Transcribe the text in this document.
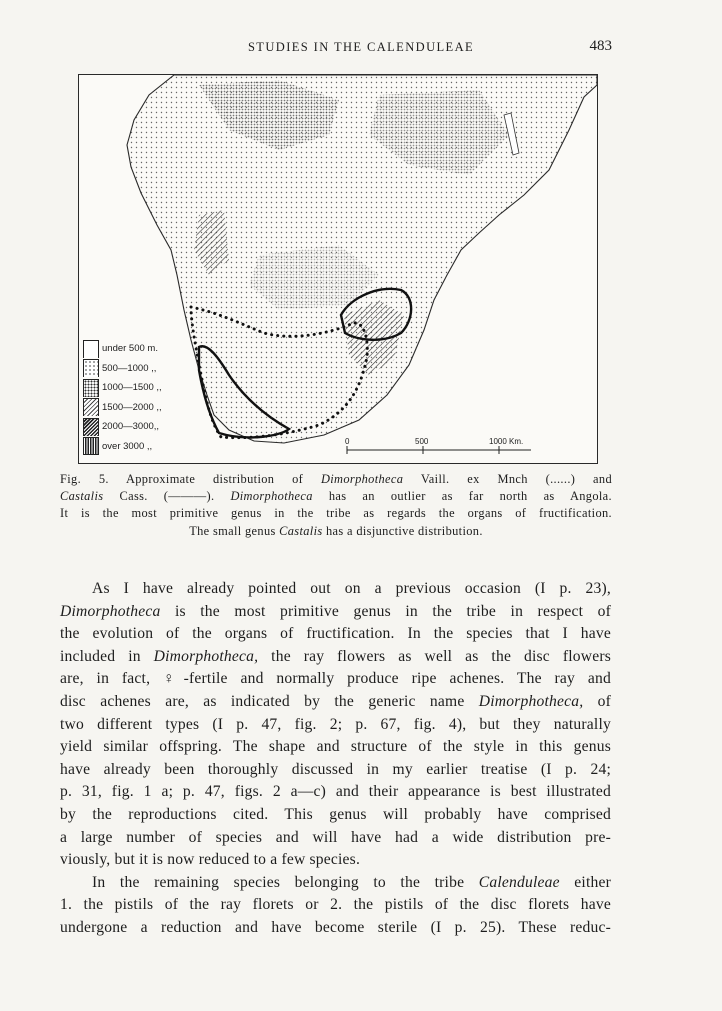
STUDIES IN THE CALENDULEAE	483
under 500 m.
500—1000 ,,
1000—1500 ,,
1500—2000 ,,
2000—3000,,
over 3000 ,,	0	500	1000 Km.
Fig. 5. Approximate distribution of Dimorphotheca Vaill. ex Mnch (......) and
Castalis Cass. (———). Dimorphotheca has an outlier as far north as Angola.
It is the most primitive genus in the tribe as regards the organs of fructification.
The small genus Castalis has a disjunctive distribution.
As I have already pointed out on a previous occasion (I p. 23),
Dimorphotheca is the most primitive genus in the tribe in respect of
the evolution of the organs of fructification. In the species that I have
included in Dimorphotheca, the ray flowers as well as the disc flowers
are, in fact, ♀-fertile and normally produce ripe achenes. The ray and
disc achenes are, as indicated by the generic name Dimorphotheca, of
two different types (I p. 47, fig. 2; p. 67, fig. 4), but they naturally
yield similar offspring. The shape and structure of the style in this genus
have already been thoroughly discussed in my earlier treatise (I p. 24;
p. 31, fig. 1 a; p. 47, figs. 2 a—c) and their appearance is best illustrated
by the reproductions cited. This genus will probably have comprised
a large number of species and will have had a wide distribution pre-
viously, but it is now reduced to a few species.
In the remaining species belonging to the tribe Calenduleae either
1. the pistils of the ray florets or 2. the pistils of the disc florets have
undergone a reduction and have become sterile (I p. 25). These reduc-
